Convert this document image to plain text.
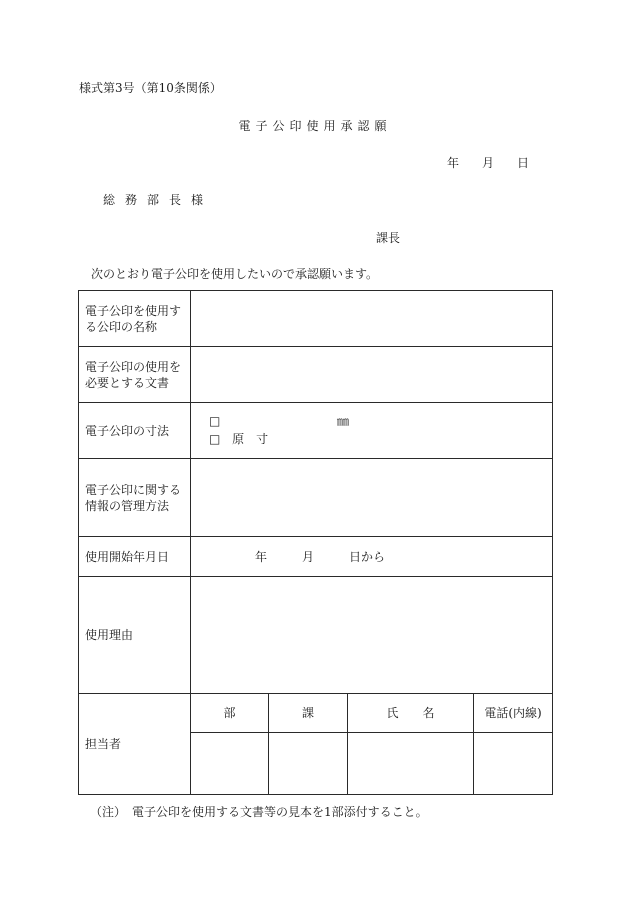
様式第3号（第10条関係）
電子公印使用承認願
年 月 日
総務部長様
課長
次のとおり電子公印を使用したいので承認願います。
電子公印を使用す
る公印の名称				

電子公印の使用を
必要とする文書				

電子公印の寸法	□ ㎜
□ 原　寸			

電子公印に関する
情報の管理方法				

使用開始年月日	年 月 日から			

使用理由				
担当者	部	課	氏　　名	電話(内線)

（注）　電子公印を使用する文書等の見本を1部添付すること。
